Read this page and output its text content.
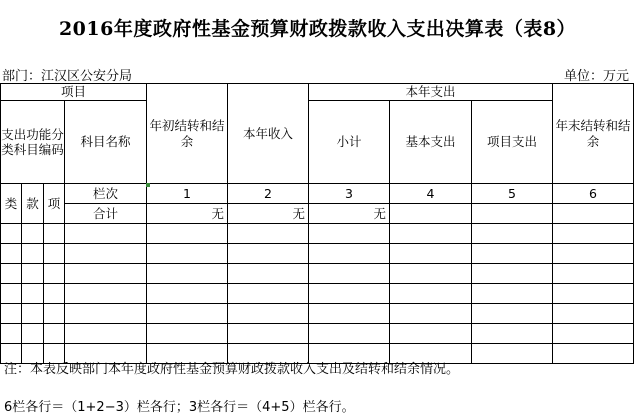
2016年度政府性基金预算财政拨款收入支出决算表（表8）
部门：江汉区公安分局	单位：万元
项目				年初结转和结余	本年收入	本年支出			年末结转和结余
支出功能分类科目编码			科目名称			小计	基本支出	项目支出	
类	款	项	栏次	1	2	3	4	5	6
			合计	无	无	无			

注：本表反映部门本年度政府性基金预算财政拨款收入支出及结转和结余情况。
6栏各行＝（1+2−3）栏各行；3栏各行＝（4+5）栏各行。
